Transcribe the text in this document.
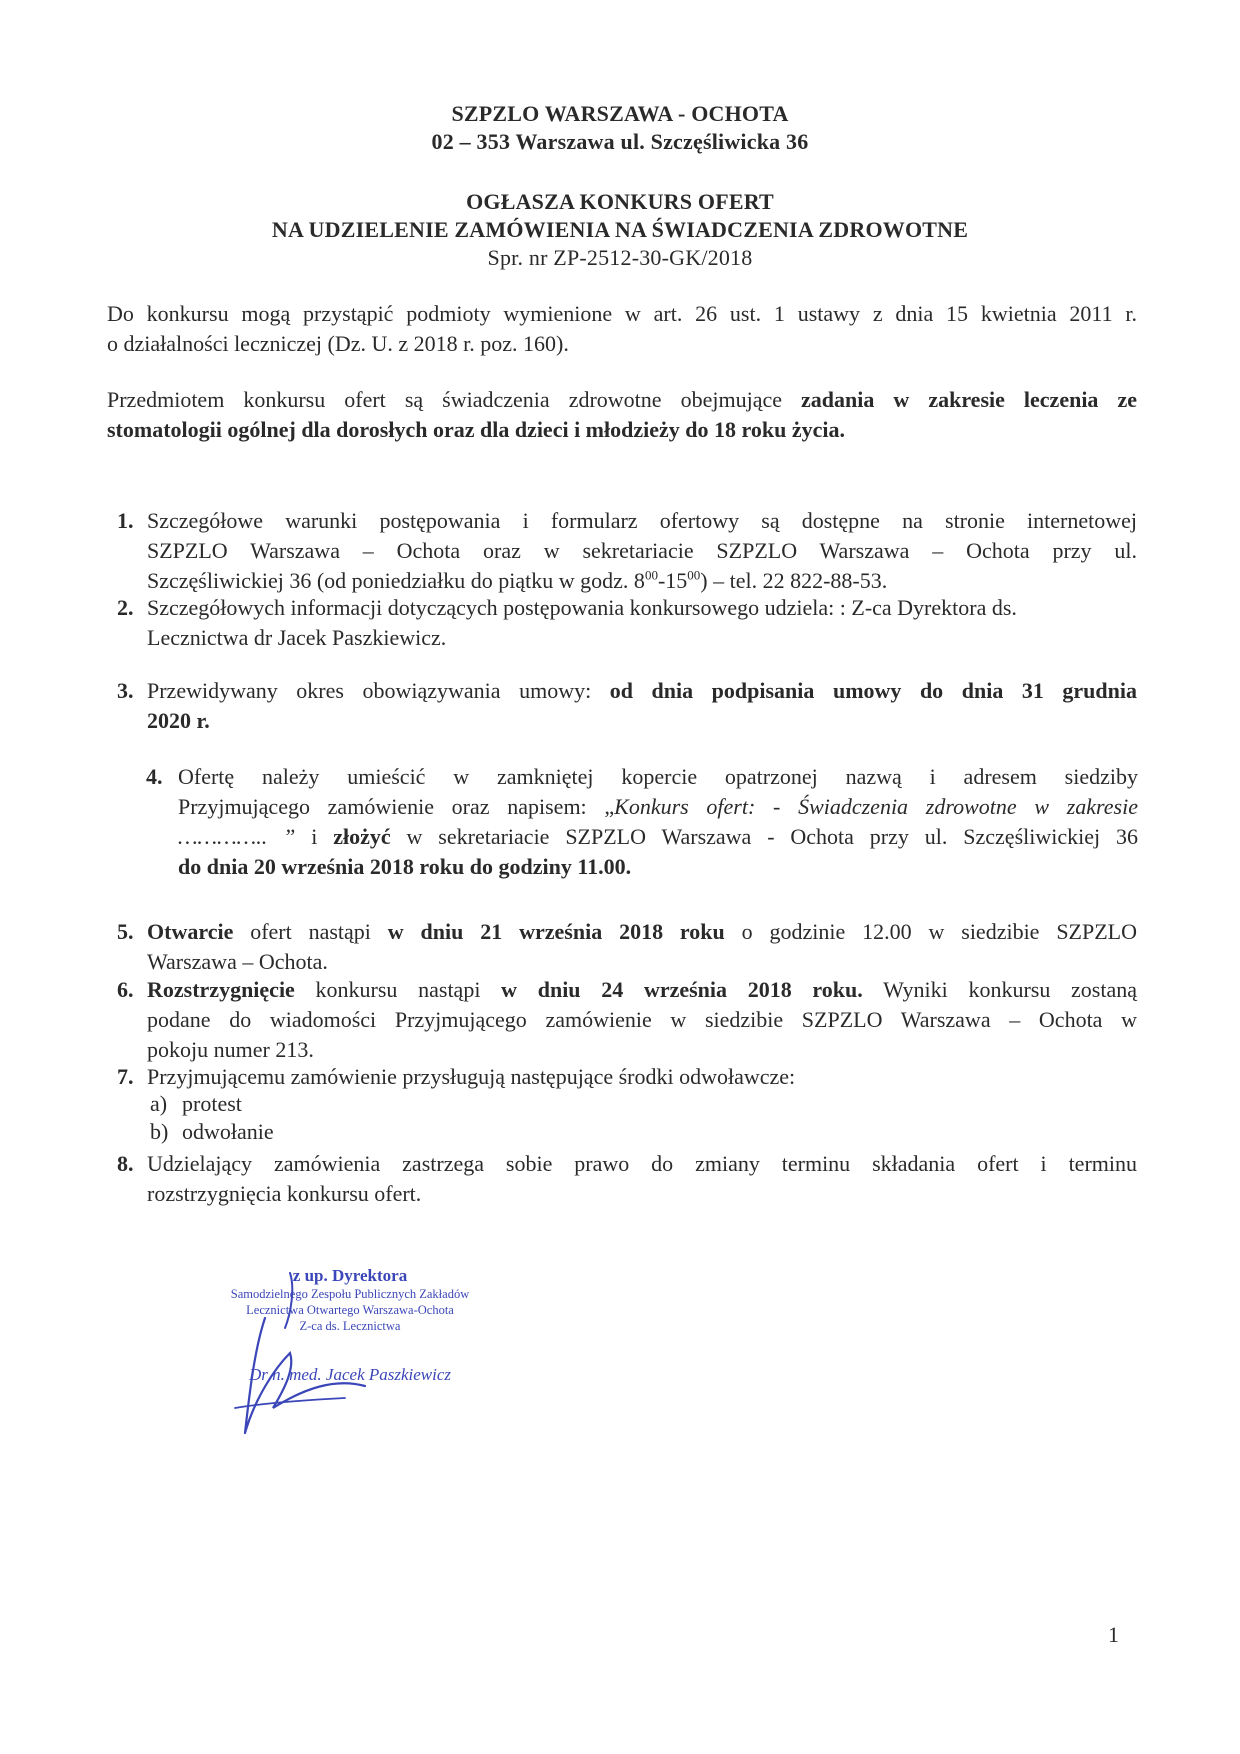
SZPZLO WARSZAWA - OCHOTA
02 – 353 Warszawa ul. Szczęśliwicka 36
OGŁASZA KONKURS OFERT
NA UDZIELENIE ZAMÓWIENIA NA ŚWIADCZENIA ZDROWOTNE
Spr. nr ZP-2512-30-GK/2018
Do konkursu mogą przystąpić podmioty wymienione w art. 26 ust. 1 ustawy z dnia 15 kwietnia 2011 r.
o działalności leczniczej (Dz. U. z 2018 r. poz. 160).
Przedmiotem konkursu ofert są świadczenia zdrowotne obejmujące zadania w zakresie leczenia ze
stomatologii ogólnej dla dorosłych oraz dla dzieci i młodzieży do 18 roku życia.
1. Szczegółowe warunki postępowania i formularz ofertowy są dostępne na stronie internetowej
SZPZLO Warszawa – Ochota oraz w sekretariacie SZPZLO Warszawa – Ochota przy ul.
Szczęśliwickiej 36 (od poniedziałku do piątku w godz. $8^{00}-15^{00}$) – tel. 22 822-88-53.
2. Szczegółowych informacji dotyczących postępowania konkursowego udziela: : Z-ca Dyrektora ds.
Lecznictwa dr Jacek Paszkiewicz.
3. Przewidywany okres obowiązywania umowy: od dnia podpisania umowy do dnia 31 grudnia
2020 r.
4. Ofertę należy umieścić w zamkniętej kopercie opatrzonej nazwą i adresem siedziby
Przyjmującego zamówienie oraz napisem: „Konkurs ofert: - Świadczenia zdrowotne w zakresie
………….. ” i złożyć w sekretariacie SZPZLO Warszawa - Ochota przy ul. Szczęśliwickiej 36
do dnia 20 września 2018 roku do godziny 11.00.
5. Otwarcie ofert nastąpi w dniu 21 września 2018 roku o godzinie 12.00 w siedzibie SZPZLO
Warszawa – Ochota.
6. Rozstrzygnięcie konkursu nastąpi w dniu 24 września 2018 roku. Wyniki konkursu zostaną
podane do wiadomości Przyjmującego zamówienie w siedzibie SZPZLO Warszawa – Ochota w
pokoju numer 213.
7. Przyjmującemu zamówienie przysługują następujące środki odwoławcze:
a) protest
b) odwołanie
8. Udzielający zamówienia zastrzega sobie prawo do zmiany terminu składania ofert i terminu
rozstrzygnięcia konkursu ofert.
z up. Dyrektora
Samodzielnego Zespołu Publicznych Zakładów
Lecznictwa Otwartego Warszawa-Ochota
Z-ca ds. Lecznictwa
Dr n. med. Jacek Paszkiewicz
1
